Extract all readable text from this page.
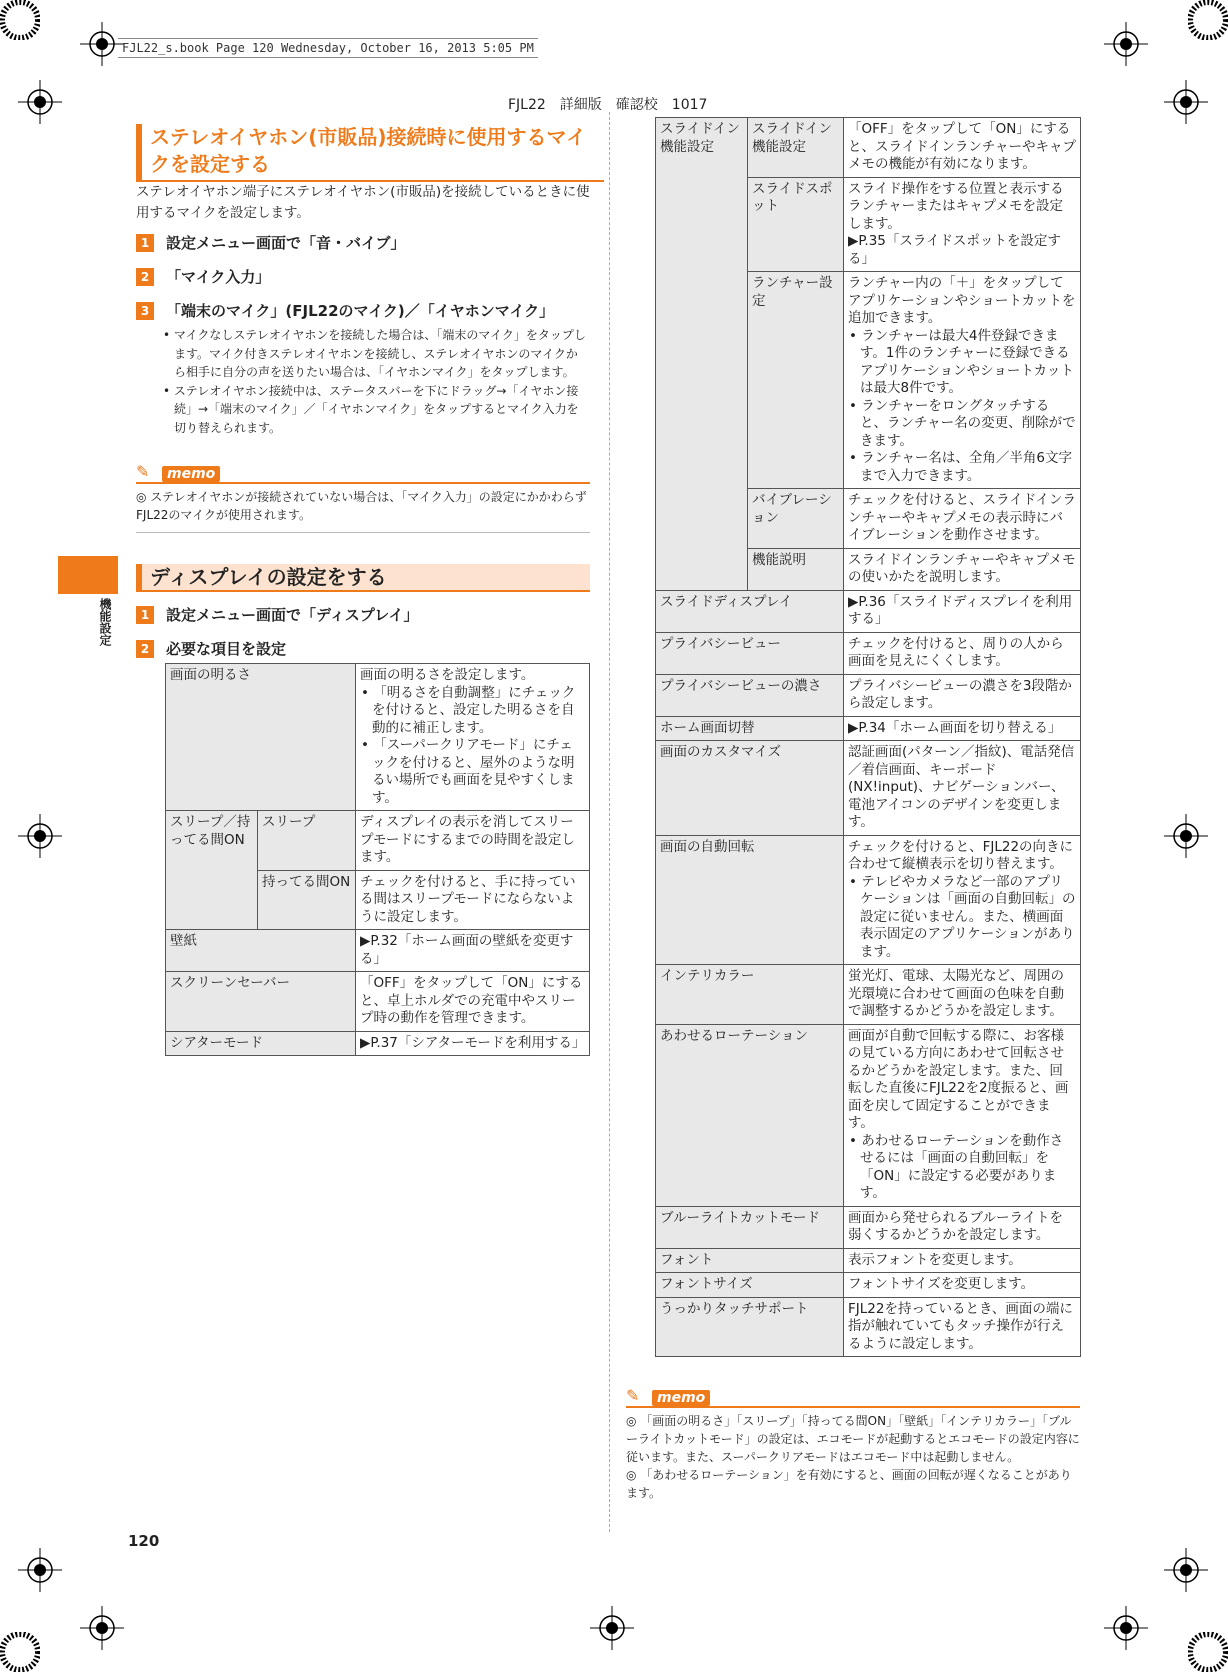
FJL22_s.book Page 120 Wednesday, October 16, 2013 5:05 PM
FJL22　詳細版　確認校　1017
機能設定
120
ステレオイヤホン(市販品)接続時に使用するマイクを設定する
ステレオイヤホン端子にステレオイヤホン(市販品)を接続しているときに使用するマイクを設定します。
1	設定メニュー画面で「音・バイブ」
2	「マイク入力」
3	「端末のマイク」(FJL22のマイク)／「イヤホンマイク」
• マイクなしステレオイヤホンを接続した場合は、「端末のマイク」をタップします。マイク付きステレオイヤホンを接続し、ステレオイヤホンのマイクから相手に自分の声を送りたい場合は、「イヤホンマイク」をタップします。
• ステレオイヤホン接続中は、ステータスバーを下にドラッグ→「イヤホン接続」→「端末のマイク」／「イヤホンマイク」をタップするとマイク入力を切り替えられます。
✎	memo
◎ ステレオイヤホンが接続されていない場合は、「マイク入力」の設定にかかわらずFJL22のマイクが使用されます。
ディスプレイの設定をする
1	設定メニュー画面で「ディスプレイ」
2	必要な項目を設定
画面の明るさ		画面の明るさを設定します。
• 「明るさを自動調整」にチェックを付けると、設定した明るさを自動的に補正します。
• 「スーパークリアモード」にチェックを付けると、屋外のような明るい場所でも画面を見やすくします。

スリープ／持ってる間ON	スリープ	ディスプレイの表示を消してスリープモードにするまでの時間を設定します。
	持ってる間ON	チェックを付けると、手に持っている間はスリープモードにならないように設定します。
壁紙		▶P.32「ホーム画面の壁紙を変更する」
スクリーンセーバー		「OFF」をタップして「ON」にすると、卓上ホルダでの充電中やスリープ時の動作を管理できます。
シアターモード		▶P.37「シアターモードを利用する」
スライドイン機能設定	スライドイン機能設定	「OFF」をタップして「ON」にすると、スライドインランチャーやキャプメモの機能が有効になります。
	スライドスポット	スライド操作をする位置と表示するランチャーまたはキャプメモを設定します。
▶P.35「スライドスポットを設定する」

	ランチャー設定	ランチャー内の「＋」をタップしてアプリケーションやショートカットを追加できます。
• ランチャーは最大4件登録できます。1件のランチャーに登録できるアプリケーションやショートカットは最大8件です。
• ランチャーをロングタッチすると、ランチャー名の変更、削除ができます。
• ランチャー名は、全角／半角6文字まで入力できます。

	バイブレーション	チェックを付けると、スライドインランチャーやキャプメモの表示時にバイブレーションを動作させます。
	機能説明	スライドインランチャーやキャプメモの使いかたを説明します。
スライドディスプレイ		▶P.36「スライドディスプレイを利用する」
プライバシービュー		チェックを付けると、周りの人から画面を見えにくくします。
プライバシービューの濃さ		プライバシービューの濃さを3段階から設定します。
ホーム画面切替		▶P.34「ホーム画面を切り替える」
画面のカスタマイズ		認証画面(パターン／指紋)、電話発信／着信画面、キーボード(NX!input)、ナビゲーションバー、電池アイコンのデザインを変更します。
画面の自動回転		チェックを付けると、FJL22の向きに合わせて縦横表示を切り替えます。
• テレビやカメラなど一部のアプリケーションは「画面の自動回転」の設定に従いません。また、横画面表示固定のアプリケーションがあります。

インテリカラー		蛍光灯、電球、太陽光など、周囲の光環境に合わせて画面の色味を自動で調整するかどうかを設定します。
あわせるローテーション		画面が自動で回転する際に、お客様の見ている方向にあわせて回転させるかどうかを設定します。また、回転した直後にFJL22を2度振ると、画面を戻して固定することができます。
• あわせるローテーションを動作させるには「画面の自動回転」を「ON」に設定する必要があります。

ブルーライトカットモード		画面から発せられるブルーライトを弱くするかどうかを設定します。
フォント		表示フォントを変更します。
フォントサイズ		フォントサイズを変更します。
うっかりタッチサポート		FJL22を持っているとき、画面の端に指が触れていてもタッチ操作が行えるように設定します。
✎	memo
◎ 「画面の明るさ」「スリープ」「持ってる間ON」「壁紙」「インテリカラー」「ブルーライトカットモード」の設定は、エコモードが起動するとエコモードの設定内容に従います。また、スーパークリアモードはエコモード中は起動しません。
◎ 「あわせるローテーション」を有効にすると、画面の回転が遅くなることがあります。
